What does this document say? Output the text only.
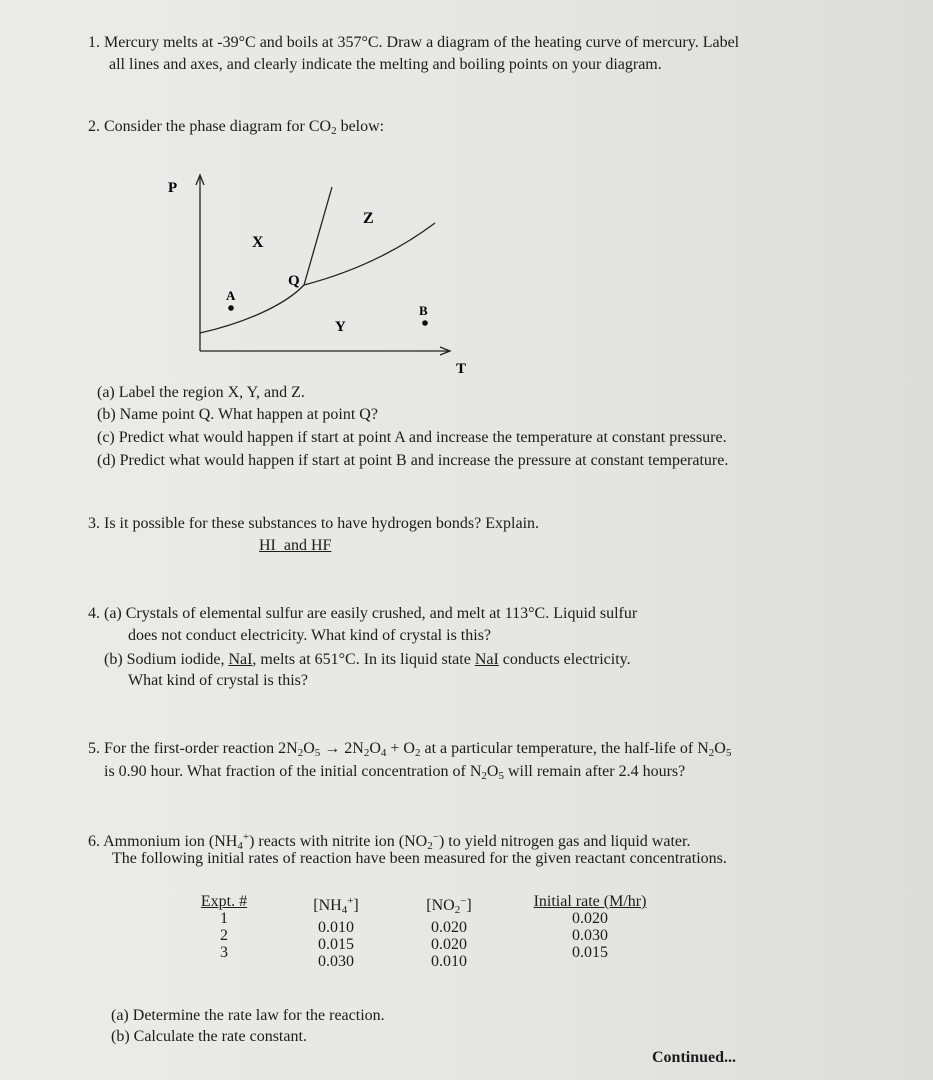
1. Mercury melts at -39°C and boils at 357°C. Draw a diagram of the heating curve of mercury. Label
all lines and axes, and clearly indicate the melting and boiling points on your diagram.
2. Consider the phase diagram for $CO_2$ below:
P
T
X
Y
Z
Q
A
B
(a) Label the region X, Y, and Z.
(b) Name point Q. What happen at point Q?
(c) Predict what would happen if start at point A and increase the temperature at constant pressure.
(d) Predict what would happen if start at point B and increase the pressure at constant temperature.
3. Is it possible for these substances to have hydrogen bonds? Explain.
HI  and HF
4. (a) Crystals of elemental sulfur are easily crushed, and melt at 113°C. Liquid sulfur
does not conduct electricity. What kind of crystal is this?
(b) Sodium iodide, NaI, melts at 651°C. In its liquid state NaI conducts electricity.
What kind of crystal is this?
5. For the first-order reaction $2N_2O_5 \to 2N_2O_4 + O_2$ at a particular temperature, the half-life of $N_2O_5$
is 0.90 hour. What fraction of the initial concentration of $N_2O_5$ will remain after 2.4 hours?
6. Ammonium ion $(NH_4^+)$ reacts with nitrite ion $(NO_2^-)$ to yield nitrogen gas and liquid water.
The following initial rates of reaction have been measured for the given reactant concentrations.
Expt. #
1
2
3
$[NH_4^+]$
0.010
0.015
0.030
$[NO_2^-]$
0.020
0.020
0.010
Initial rate (M/hr)
0.020
0.030
0.015
(a) Determine the rate law for the reaction.
(b) Calculate the rate constant.
Continued...
